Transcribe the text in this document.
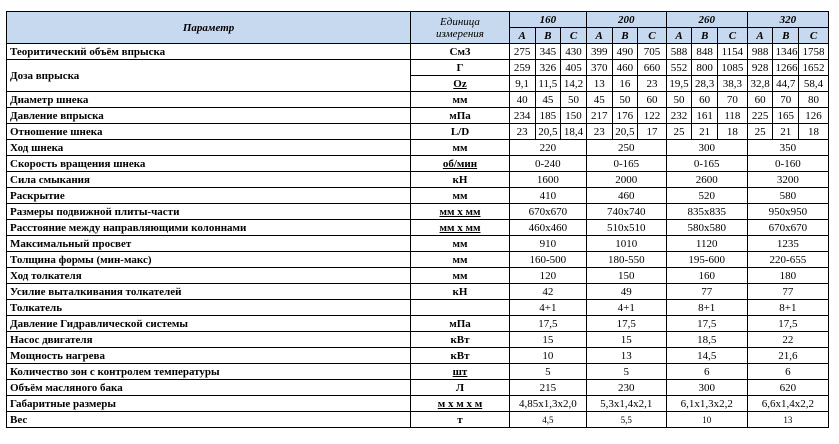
Параметр	Единица
измерения	160			200			260			320		
		A	B	C	A	B	C	A	B	C	A	B	C
Теоритический объём впрыска	См3	275	345	430	399	490	705	588	848	1154	988	1346	1758
Доза впрыска	Г	259	326	405	370	460	660	552	800	1085	928	1266	1652
	Oz	9,1	11,5	14,2	13	16	23	19,5	28,3	38,3	32,8	44,7	58,4
Диаметр шнека	мм	40	45	50	45	50	60	50	60	70	60	70	80
Давление впрыска	мПа	234	185	150	217	176	122	232	161	118	225	165	126
Отношение шнека	L/D	23	20,5	18,4	23	20,5	17	25	21	18	25	21	18
Ход шнека	мм	220			250			300			350		
Скорость вращения шнека	об/мин	0-240			0-165			0-165			0-160		
Сила смыкания	кН	1600			2000			2600			3200		
Раскрытие	мм	410			460			520			580		
Размеры подвижной плиты-части	мм х мм	670х670			740х740			835х835			950х950		
Расстояние между направляющими колоннами	мм х мм	460х460			510х510			580х580			670х670		
Максимальный просвет	мм	910			1010			1120			1235		
Толщина формы (мин-макс)	мм	160-500			180-550			195-600			220-655		
Ход толкателя	мм	120			150			160			180		
Усилие выталкивания толкателей	кН	42			49			77			77		
Толкатель		4+1			4+1			8+1			8+1		
Давление Гидравлической системы	мПа	17,5			17,5			17,5			17,5		
Насос двигателя	кВт	15			15			18,5			22		
Мощность нагрева	кВт	10			13			14,5			21,6		
Количество зон с контролем температуры	шт	5			5			6			6		
Объём масляного бака	Л	215			230			300			620		
Габаритные размеры	м х м х м	4,85х1,3х2,0			5,3х1,4х2,1			6,1х1,3х2,2			6,6х1,4х2,2		
Вес	т	4,5			5,5			10			13		
